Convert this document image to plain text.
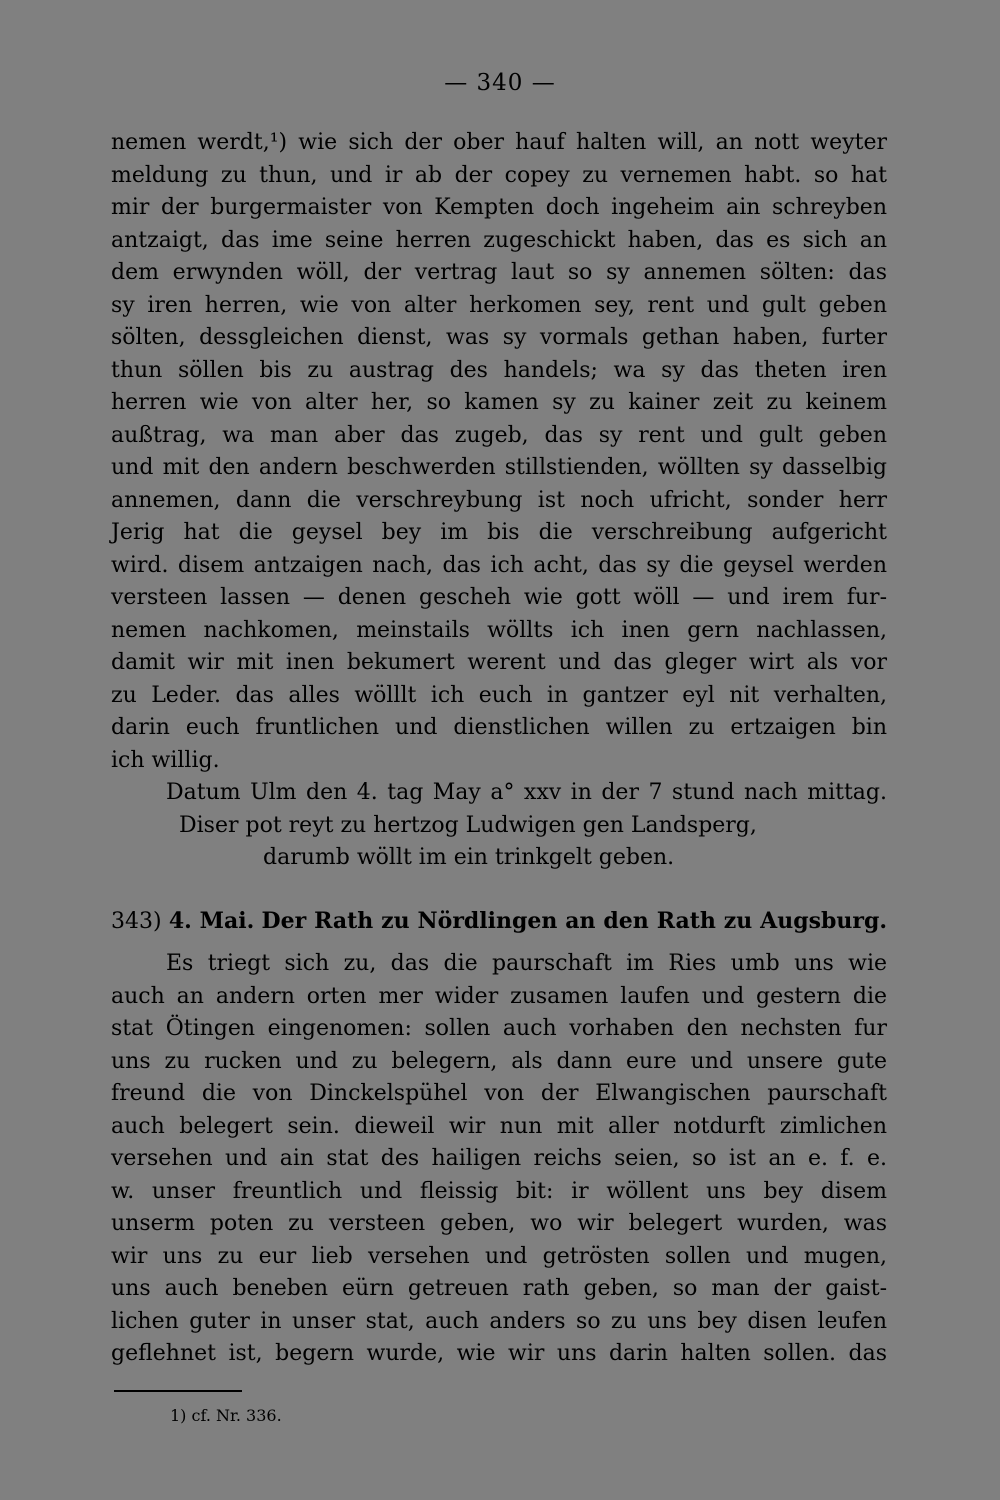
— 340 —
nemen werdt,¹) wie sich der ober hauf halten will, an nott weyter
meldung zu thun, und ir ab der copey zu vernemen habt. so hat
mir der burgermaister von Kempten doch ingeheim ain schreyben
antzaigt, das ime seine herren zugeschickt haben, das es sich an
dem erwynden wöll, der vertrag laut so sy annemen sölten: das
sy iren herren, wie von alter herkomen sey, rent und gult geben
sölten, dessgleichen dienst, was sy vormals gethan haben, furter
thun söllen bis zu austrag des handels; wa sy das theten iren
herren wie von alter her, so kamen sy zu kainer zeit zu keinem
außtrag, wa man aber das zugeb, das sy rent und gult geben
und mit den andern beschwerden stillstienden, wöllten sy dasselbig
annemen, dann die verschreybung ist noch ufricht, sonder herr
Jerig hat die geysel bey im bis die verschreibung aufgericht
wird. disem antzaigen nach, das ich acht, das sy die geysel werden
versteen lassen — denen gescheh wie gott wöll — und irem fur-
nemen nachkomen, meinstails wöllts ich inen gern nachlassen,
damit wir mit inen bekumert werent und das gleger wirt als vor
zu Leder. das alles wölllt ich euch in gantzer eyl nit verhalten,
darin euch fruntlichen und dienstlichen willen zu ertzaigen bin
ich willig.
Datum Ulm den 4. tag May a° xxv in der 7 stund nach mittag.
Diser pot reyt zu hertzog Ludwigen gen Landsperg,
darumb wöllt im ein trinkgelt geben.
343) 4. Mai. Der Rath zu Nördlingen an den Rath zu Augsburg.
Es triegt sich zu, das die paurschaft im Ries umb uns wie
auch an andern orten mer wider zusamen laufen und gestern die
stat Ötingen eingenomen: sollen auch vorhaben den nechsten fur
uns zu rucken und zu belegern, als dann eure und unsere gute
freund die von Dinckelspühel von der Elwangischen paurschaft
auch belegert sein. dieweil wir nun mit aller notdurft zimlichen
versehen und ain stat des hailigen reichs seien, so ist an e. f. e.
w. unser freuntlich und fleissig bit: ir wöllent uns bey disem
unserm poten zu versteen geben, wo wir belegert wurden, was
wir uns zu eur lieb versehen und getrösten sollen und mugen,
uns auch beneben eürn getreuen rath geben, so man der gaist-
lichen guter in unser stat, auch anders so zu uns bey disen leufen
geflehnet ist, begern wurde, wie wir uns darin halten sollen. das
1) cf. Nr. 336.
